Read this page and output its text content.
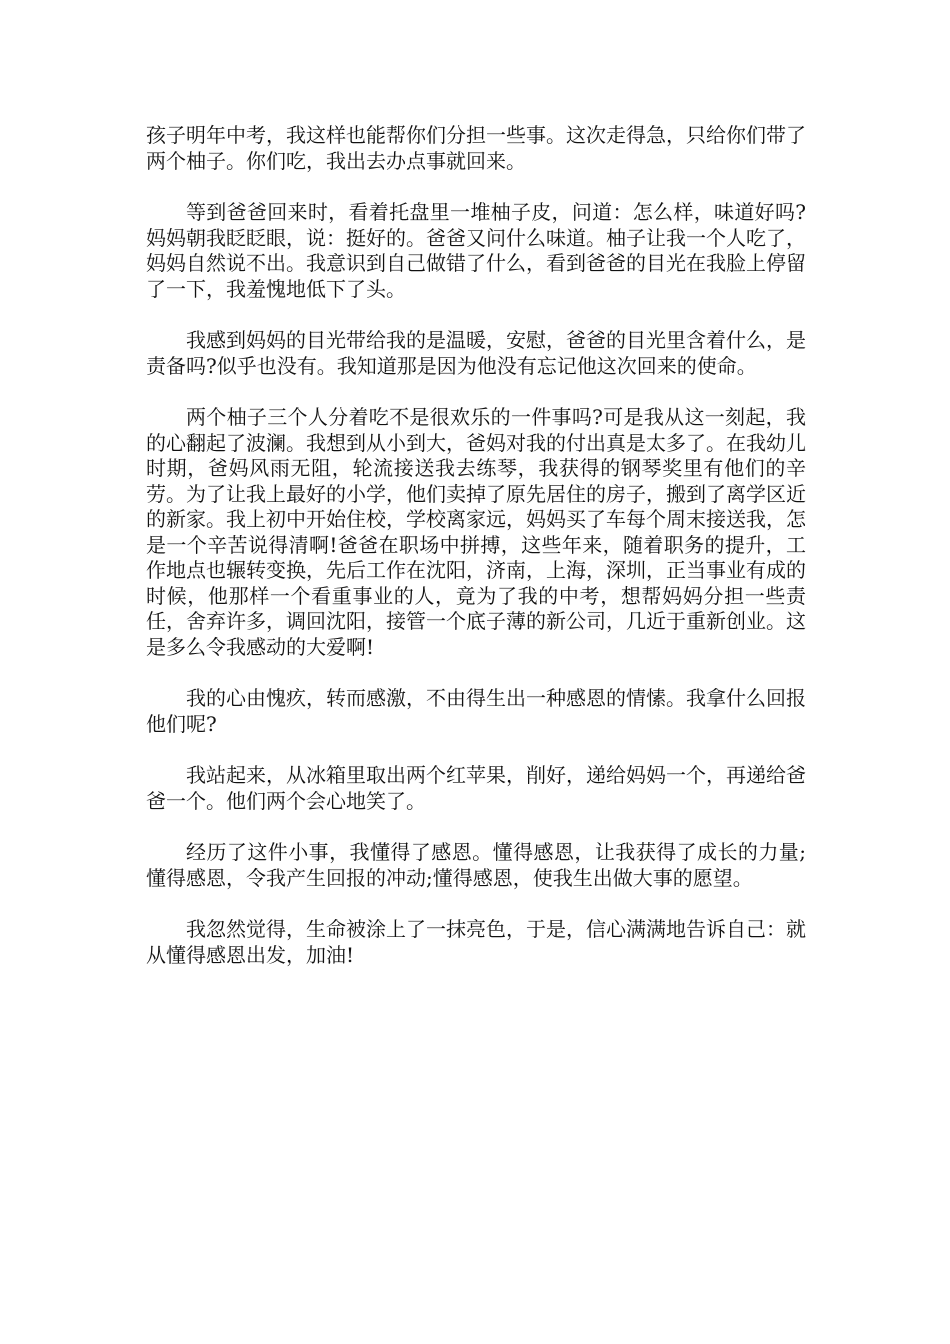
孩子明年中考，我这样也能帮你们分担一些事。这次走得急，只给你们带了两个柚子。你们吃，我出去办点事就回来。

等到爸爸回来时，看着托盘里一堆柚子皮，问道：怎么样，味道好吗?妈妈朝我眨眨眼，说：挺好的。爸爸又问什么味道。柚子让我一个人吃了，妈妈自然说不出。我意识到自己做错了什么，看到爸爸的目光在我脸上停留了一下，我羞愧地低下了头。

我感到妈妈的目光带给我的是温暖，安慰，爸爸的目光里含着什么，是责备吗?似乎也没有。我知道那是因为他没有忘记他这次回来的使命。

两个柚子三个人分着吃不是很欢乐的一件事吗?可是我从这一刻起，我的心翻起了波澜。我想到从小到大，爸妈对我的付出真是太多了。在我幼儿时期，爸妈风雨无阻，轮流接送我去练琴，我获得的钢琴奖里有他们的辛劳。为了让我上最好的小学，他们卖掉了原先居住的房子，搬到了离学区近的新家。我上初中开始住校，学校离家远，妈妈买了车每个周末接送我，怎是一个辛苦说得清啊!爸爸在职场中拼搏，这些年来，随着职务的提升，工作地点也辗转变换，先后工作在沈阳，济南，上海，深圳，正当事业有成的时候，他那样一个看重事业的人，竟为了我的中考，想帮妈妈分担一些责任，舍弃许多，调回沈阳，接管一个底子薄的新公司，几近于重新创业。这是多么令我感动的大爱啊!

我的心由愧疚，转而感激，不由得生出一种感恩的情愫。我拿什么回报他们呢?

我站起来，从冰箱里取出两个红苹果，削好，递给妈妈一个，再递给爸爸一个。他们两个会心地笑了。

经历了这件小事，我懂得了感恩。懂得感恩，让我获得了成长的力量;懂得感恩，令我产生回报的冲动;懂得感恩，使我生出做大事的愿望。

我忽然觉得，生命被涂上了一抹亮色，于是，信心满满地告诉自己：就从懂得感恩出发，加油!
